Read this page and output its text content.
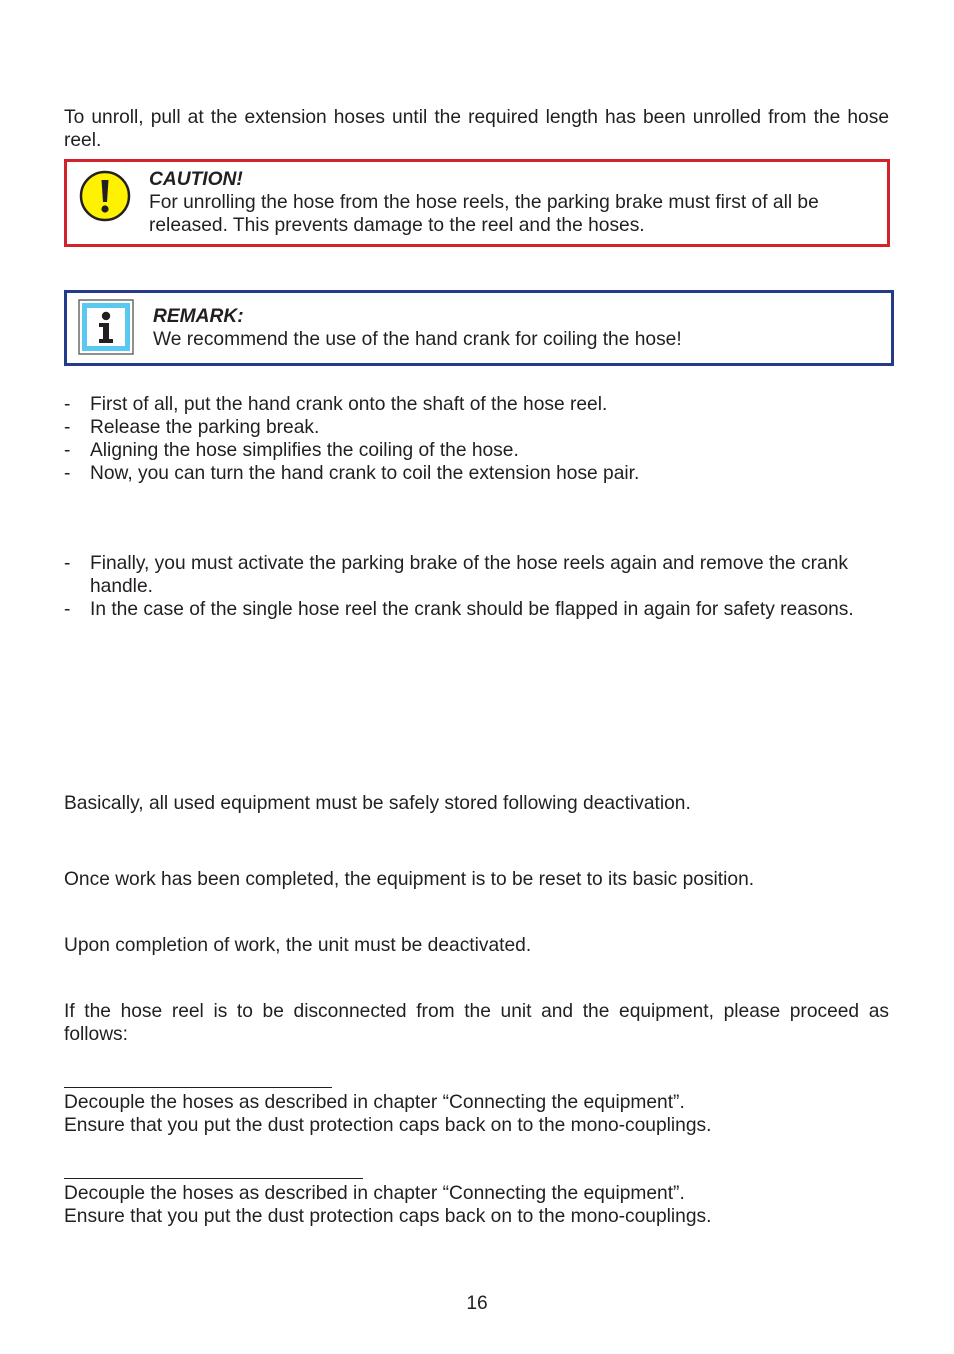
To unroll, pull at the extension hoses until the required length has been unrolled from the hose reel.

CAUTION!
For unrolling the hose from the hose reels, the parking brake must first of all be released. This prevents damage to the reel and the hoses.
REMARK:
We recommend the use of the hand crank for coiling the hose!
- First of all, put the hand crank onto the shaft of the hose reel.
- Release the parking break.
- Aligning the hose simplifies the coiling of the hose.
- Now, you can turn the hand crank to coil the extension hose pair.
- Finally, you must activate the parking brake of the hose reels again and remove the crank handle.
- In the case of the single hose reel the crank should be flapped in again for safety reasons.

Basically, all used equipment must be safely stored following deactivation.

Once work has been completed, the equipment is to be reset to its basic position.

Upon completion of work, the unit must be deactivated.

If the hose reel is to be disconnected from the unit and the equipment, please proceed as follows:

Decouple the hoses as described in chapter “Connecting the equipment”.
Ensure that you put the dust protection caps back on to the mono-couplings.
Decouple the hoses as described in chapter “Connecting the equipment”.
Ensure that you put the dust protection caps back on to the mono-couplings.
16
